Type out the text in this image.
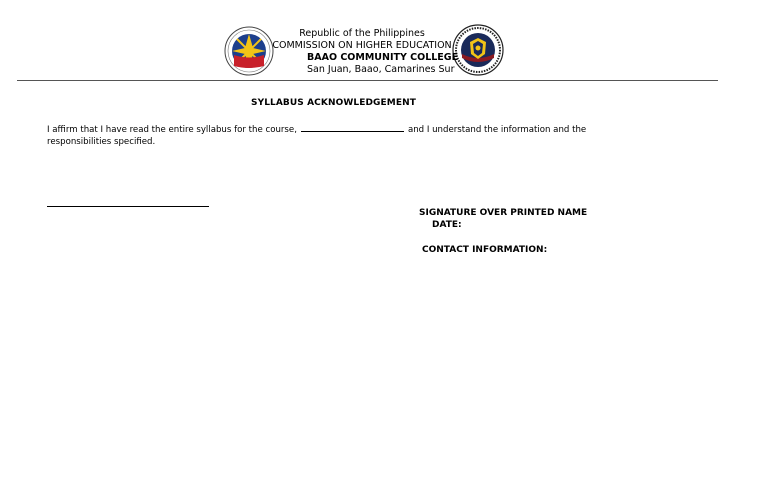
Republic of the Philippines
COMMISSION ON HIGHER EDUCATION
BAAO COMMUNITY COLLEGE
San Juan, Baao, Camarines Sur
SYLLABUS ACKNOWLEDGEMENT
I affirm that I have read the entire syllabus for the course,	and I understand the information and the responsibilities specified.
SIGNATURE OVER PRINTED NAME
DATE:
CONTACT INFORMATION:
